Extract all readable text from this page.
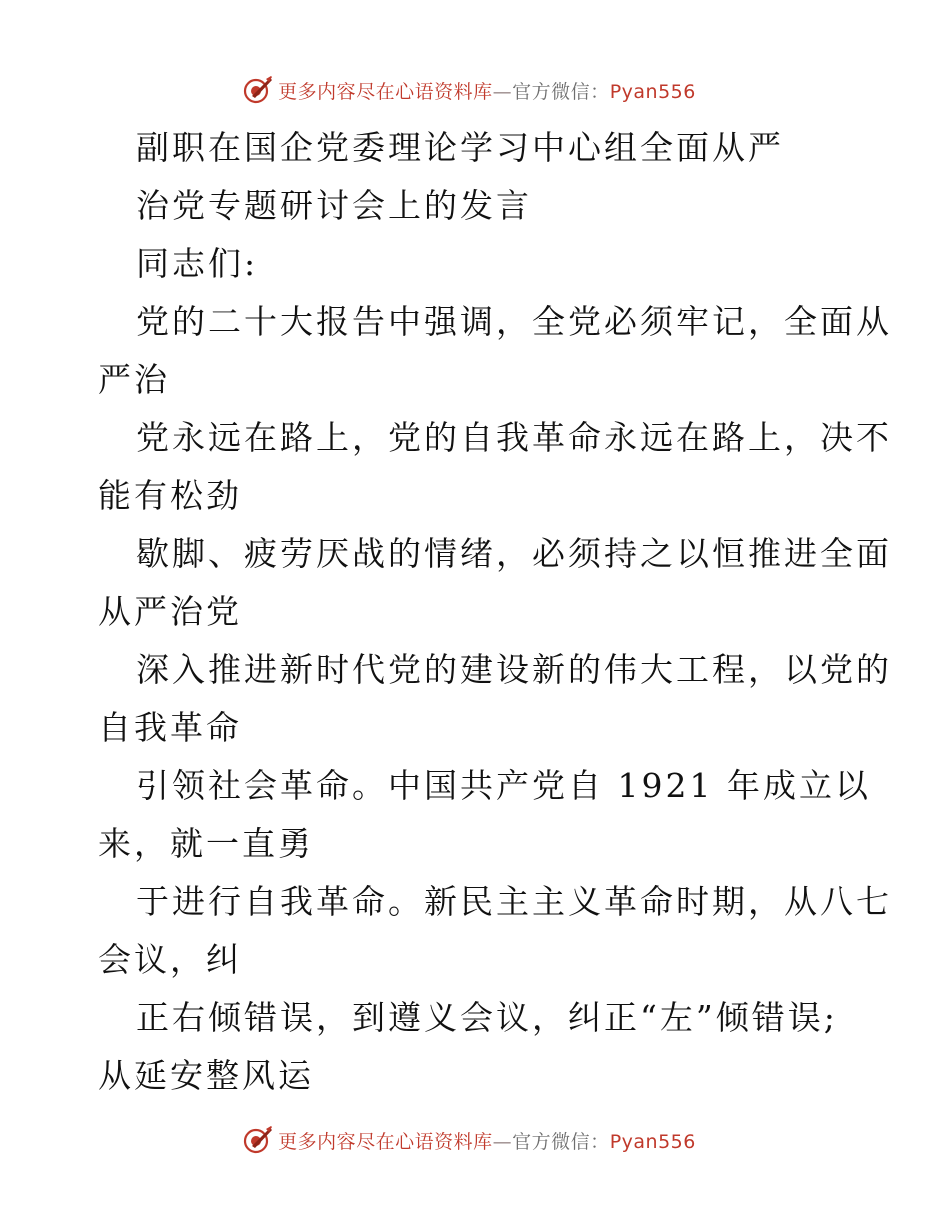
更多内容尽在心语资料库—官方微信：Pyan556
副职在国企党委理论学习中心组全面从严
治党专题研讨会上的发言
同志们:
党的二十大报告中强调，全党必须牢记，全面从
严治
党永远在路上，党的自我革命永远在路上，决不
能有松劲
歇脚、疲劳厌战的情绪，必须持之以恒推进全面
从严治党
深入推进新时代党的建设新的伟大工程，以党的
自我革命
引领社会革命。中国共产党自 1921 年成立以
来，就一直勇
于进行自我革命。新民主主义革命时期，从八七
会议，纠
正右倾错误，到遵义会议，纠正“左”倾错误;
从延安整风运
更多内容尽在心语资料库—官方微信：Pyan556
